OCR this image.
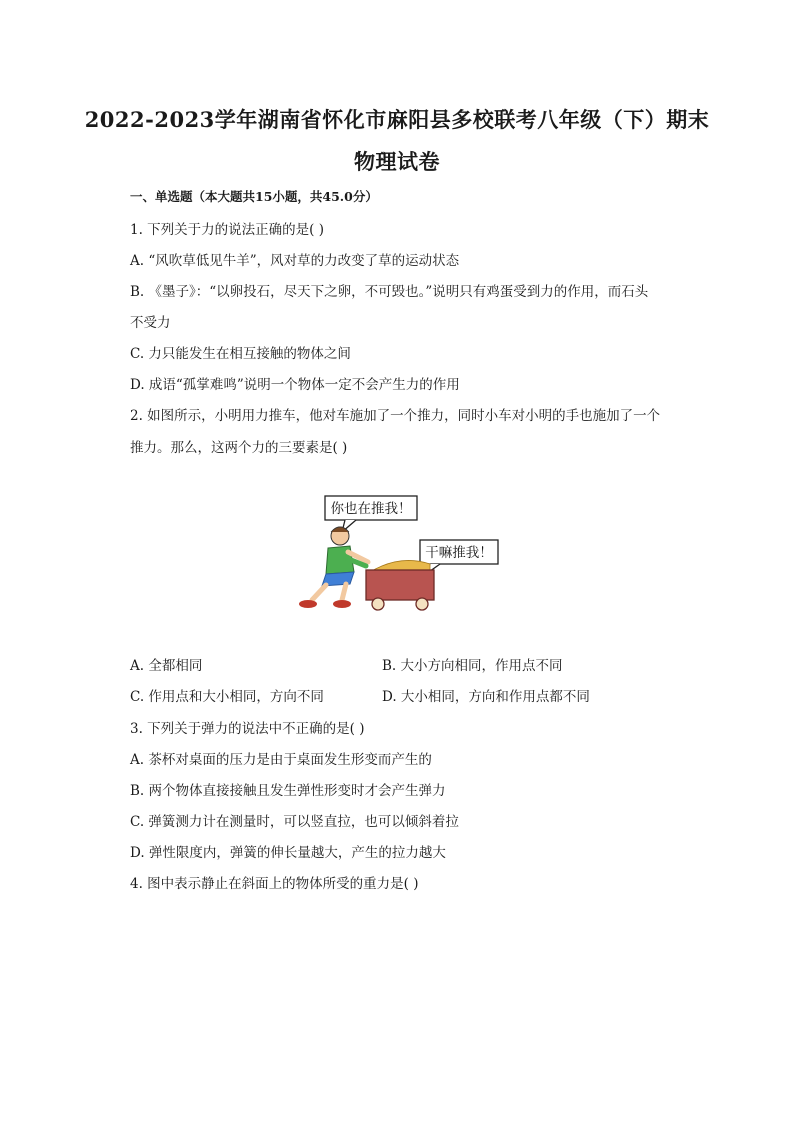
2022-2023学年湖南省怀化市麻阳县多校联考八年级（下）期末
物理试卷
一、单选题（本大题共15小题，共45.0分）
1. 下列关于力的说法正确的是( )
A. “风吹草低见牛羊”，风对草的力改变了草的运动状态
B. 《墨子》：“以卵投石，尽天下之卵，不可毁也。”说明只有鸡蛋受到力的作用，而石头
不受力
C. 力只能发生在相互接触的物体之间
D. 成语“孤掌难鸣”说明一个物体一定不会产生力的作用
2. 如图所示，小明用力推车，他对车施加了一个推力，同时小车对小明的手也施加了一个
推力。那么，这两个力的三要素是( )
你也在推我！
干嘛推我！
A. 全都相同	B. 大小方向相同，作用点不同
C. 作用点和大小相同，方向不同	D. 大小相同，方向和作用点都不同
3. 下列关于弹力的说法中不正确的是( )
A. 茶杯对桌面的压力是由于桌面发生形变而产生的
B. 两个物体直接接触且发生弹性形变时才会产生弹力
C. 弹簧测力计在测量时，可以竖直拉，也可以倾斜着拉
D. 弹性限度内，弹簧的伸长量越大，产生的拉力越大
4. 图中表示静止在斜面上的物体所受的重力是( )
